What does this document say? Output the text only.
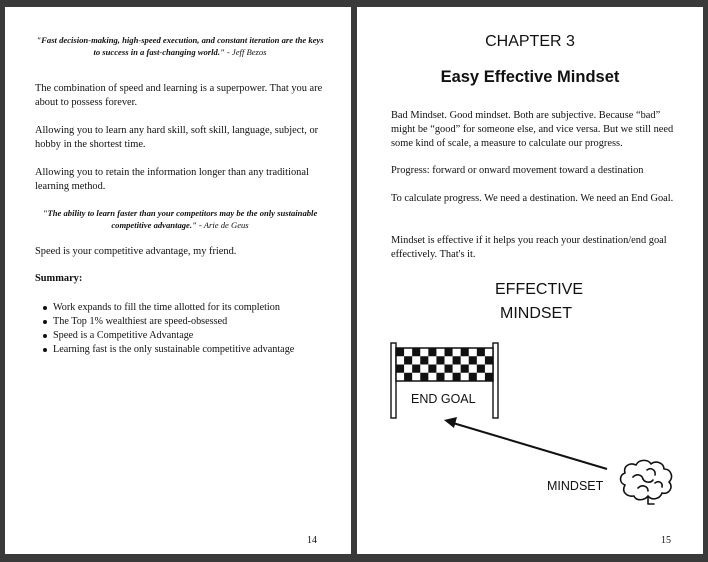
"Fast decision-making, high-speed execution, and constant iteration are the keys to success in a fast-changing world." - Jeff Bezos
The combination of speed and learning is a superpower. That you are about to possess forever.
Allowing you to learn any hard skill, soft skill, language, subject, or hobby in the shortest time.
Allowing you to retain the information longer than any traditional learning method.
"The ability to learn faster than your competitors may be the only sustainable competitive advantage." - Arie de Geus
Speed is your competitive advantage, my friend.
Summary:
Work expands to fill the time allotted for its completion
The Top 1% wealthiest are speed-obsessed
Speed is a Competitive Advantage
Learning fast is the only sustainable competitive advantage
14
CHAPTER 3
Easy Effective Mindset
Bad Mindset. Good mindset. Both are subjective. Because “bad” might be “good” for someone else, and vice versa. But we still need some kind of scale, a measure to calculate our progress.
Progress: forward or onward movement toward a destination
To calculate progress. We need a destination. We need an End Goal.
Mindset is effective if it helps you reach your destination/end goal effectively. That's it.
EFFECTIVE
MINDSET
END GOAL
MINDSET
15
